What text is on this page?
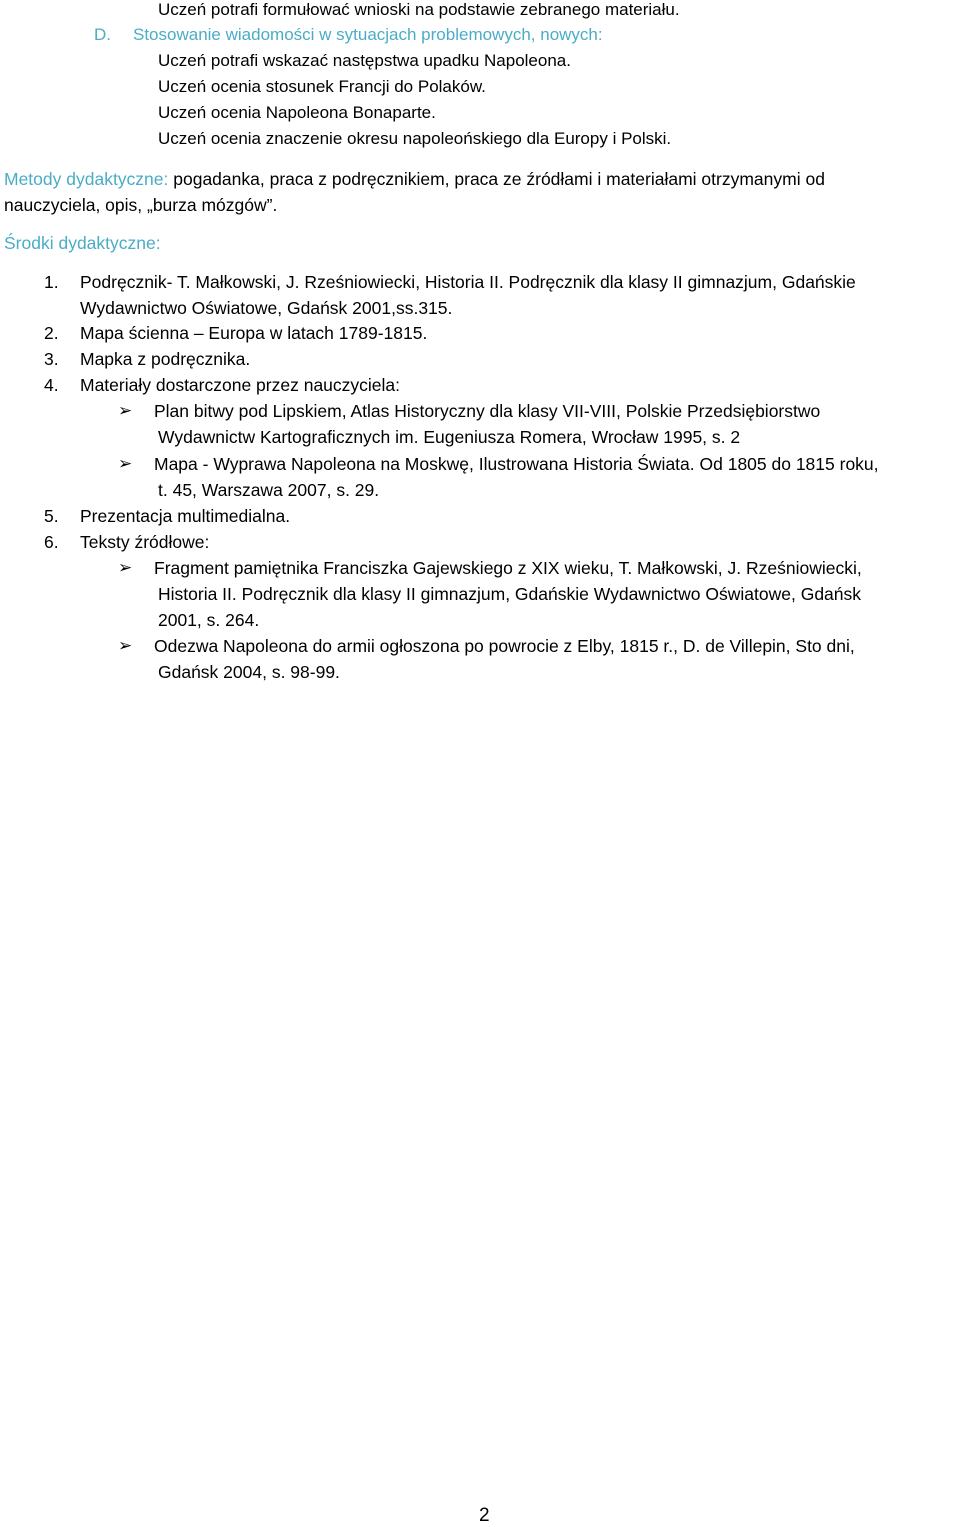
Uczeń potrafi formułować wnioski na podstawie zebranego materiału.
D. Stosowanie wiadomości w sytuacjach problemowych, nowych:
Uczeń potrafi wskazać następstwa upadku Napoleona.
Uczeń ocenia stosunek Francji do Polaków.
Uczeń ocenia Napoleona Bonaparte.
Uczeń ocenia znaczenie okresu napoleońskiego dla Europy i Polski.
Metody dydaktyczne: pogadanka, praca z podręcznikiem, praca ze źródłami i materiałami otrzymanymi od
nauczyciela, opis, „burza mózgów”.
Środki dydaktyczne:
1. Podręcznik- T. Małkowski, J. Rześniowiecki, Historia II. Podręcznik dla klasy II gimnazjum, Gdańskie
Wydawnictwo Oświatowe, Gdańsk 2001,ss.315.
2. Mapa ścienna – Europa w latach 1789-1815.
3. Mapka z podręcznika.
4. Materiały dostarczone przez nauczyciela:
➢ Plan bitwy pod Lipskiem, Atlas Historyczny dla klasy VII-VIII, Polskie Przedsiębiorstwo
Wydawnictw Kartograficznych im. Eugeniusza Romera, Wrocław 1995, s. 2
➢ Mapa - Wyprawa Napoleona na Moskwę, Ilustrowana Historia Świata. Od 1805 do 1815 roku,
t. 45, Warszawa 2007, s. 29.
5. Prezentacja multimedialna.
6. Teksty źródłowe:
➢ Fragment pamiętnika Franciszka Gajewskiego z XIX wieku, T. Małkowski, J. Rześniowiecki,
Historia II. Podręcznik dla klasy II gimnazjum, Gdańskie Wydawnictwo Oświatowe, Gdańsk
2001, s. 264.
➢ Odezwa Napoleona do armii ogłoszona po powrocie z Elby, 1815 r., D. de Villepin, Sto dni,
Gdańsk 2004, s. 98-99.
2
